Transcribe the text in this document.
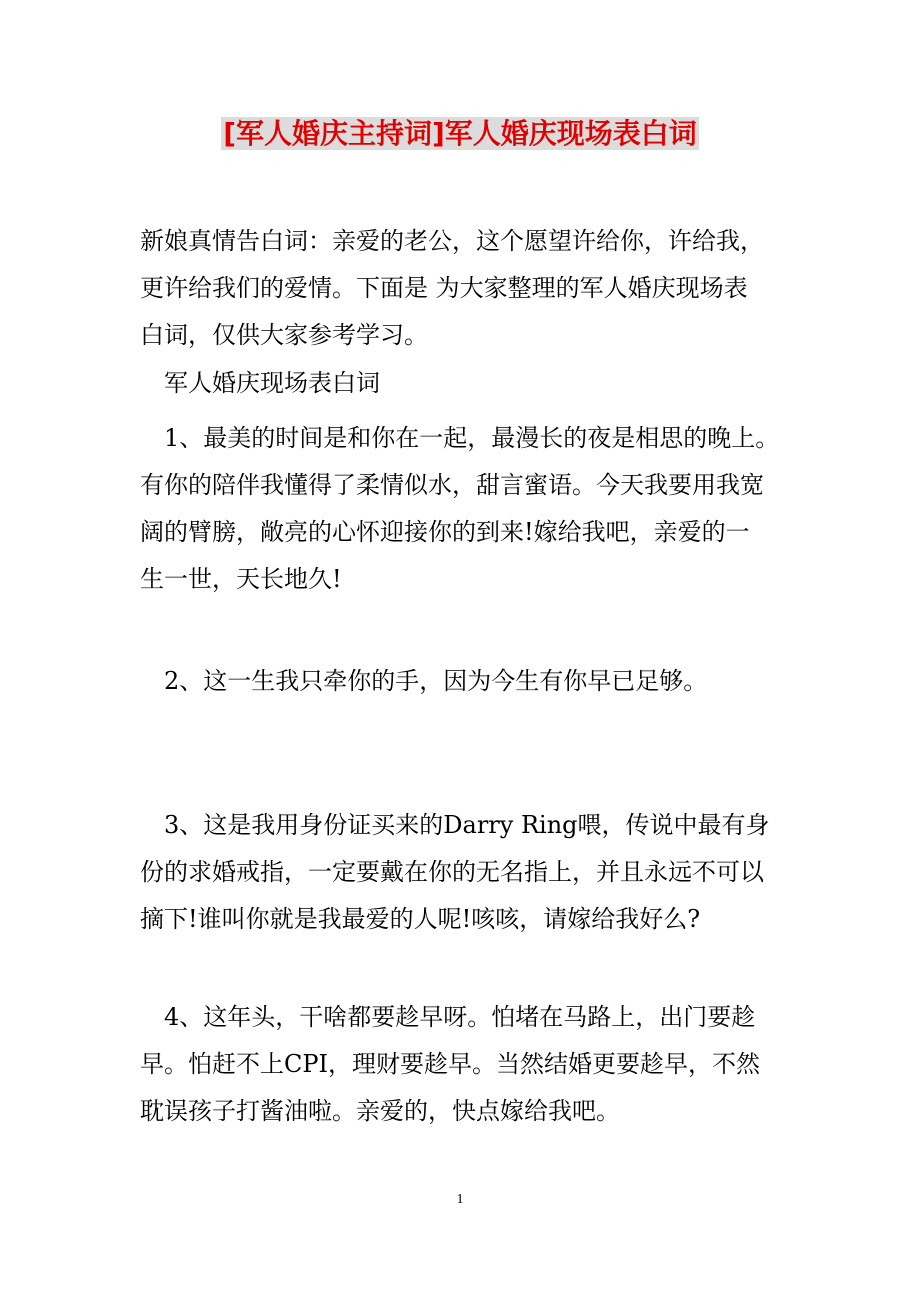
[军人婚庆主持词]军人婚庆现场表白词
新娘真情告白词：亲爱的老公，这个愿望许给你，许给我，
更许给我们的爱情。下面是 为大家整理的军人婚庆现场表
白词，仅供大家参考学习。
军人婚庆现场表白词
1、最美的时间是和你在一起，最漫长的夜是相思的晚上。
有你的陪伴我懂得了柔情似水，甜言蜜语。今天我要用我宽
阔的臂膀，敞亮的心怀迎接你的到来!嫁给我吧，亲爱的一
生一世，天长地久!
2、这一生我只牵你的手，因为今生有你早已足够。
3、这是我用身份证买来的Darry Ring喂，传说中最有身
份的求婚戒指，一定要戴在你的无名指上，并且永远不可以
摘下!谁叫你就是我最爱的人呢!咳咳，请嫁给我好么?
4、这年头，干啥都要趁早呀。怕堵在马路上，出门要趁
早。怕赶不上CPI，理财要趁早。当然结婚更要趁早，不然
耽误孩子打酱油啦。亲爱的，快点嫁给我吧。
1
